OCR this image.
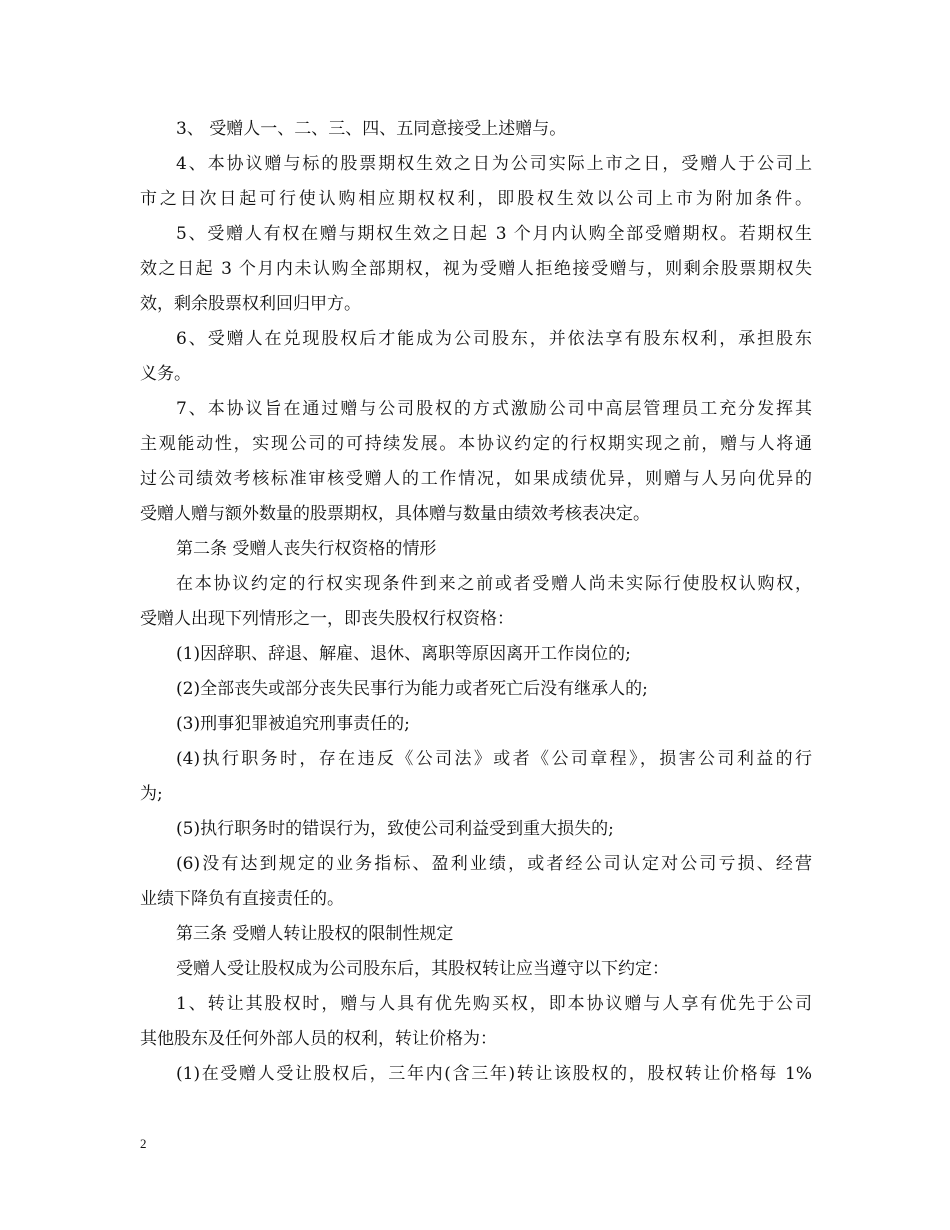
3、 受赠人一、二、三、四、五同意接受上述赠与。
4、本协议赠与标的股票期权生效之日为公司实际上市之日，受赠人于公司上
市之日次日起可行使认购相应期权权利，即股权生效以公司上市为附加条件。
5、受赠人有权在赠与期权生效之日起 3 个月内认购全部受赠期权。若期权生
效之日起 3 个月内未认购全部期权，视为受赠人拒绝接受赠与，则剩余股票期权失
效，剩余股票权利回归甲方。
6、受赠人在兑现股权后才能成为公司股东，并依法享有股东权利，承担股东
义务。
7、本协议旨在通过赠与公司股权的方式激励公司中高层管理员工充分发挥其
主观能动性，实现公司的可持续发展。本协议约定的行权期实现之前，赠与人将通
过公司绩效考核标准审核受赠人的工作情况，如果成绩优异，则赠与人另向优异的
受赠人赠与额外数量的股票期权，具体赠与数量由绩效考核表决定。
第二条 受赠人丧失行权资格的情形
在本协议约定的行权实现条件到来之前或者受赠人尚未实际行使股权认购权，
受赠人出现下列情形之一，即丧失股权行权资格：
(1)因辞职、辞退、解雇、退休、离职等原因离开工作岗位的;
(2)全部丧失或部分丧失民事行为能力或者死亡后没有继承人的;
(3)刑事犯罪被追究刑事责任的;
(4)执行职务时，存在违反《公司法》或者《公司章程》，损害公司利益的行
为;
(5)执行职务时的错误行为，致使公司利益受到重大损失的;
(6)没有达到规定的业务指标、盈利业绩，或者经公司认定对公司亏损、经营
业绩下降负有直接责任的。
第三条 受赠人转让股权的限制性规定
受赠人受让股权成为公司股东后，其股权转让应当遵守以下约定：
1、转让其股权时，赠与人具有优先购买权，即本协议赠与人享有优先于公司
其他股东及任何外部人员的权利，转让价格为：
(1)在受赠人受让股权后，三年内(含三年)转让该股权的，股权转让价格每 1%
2
